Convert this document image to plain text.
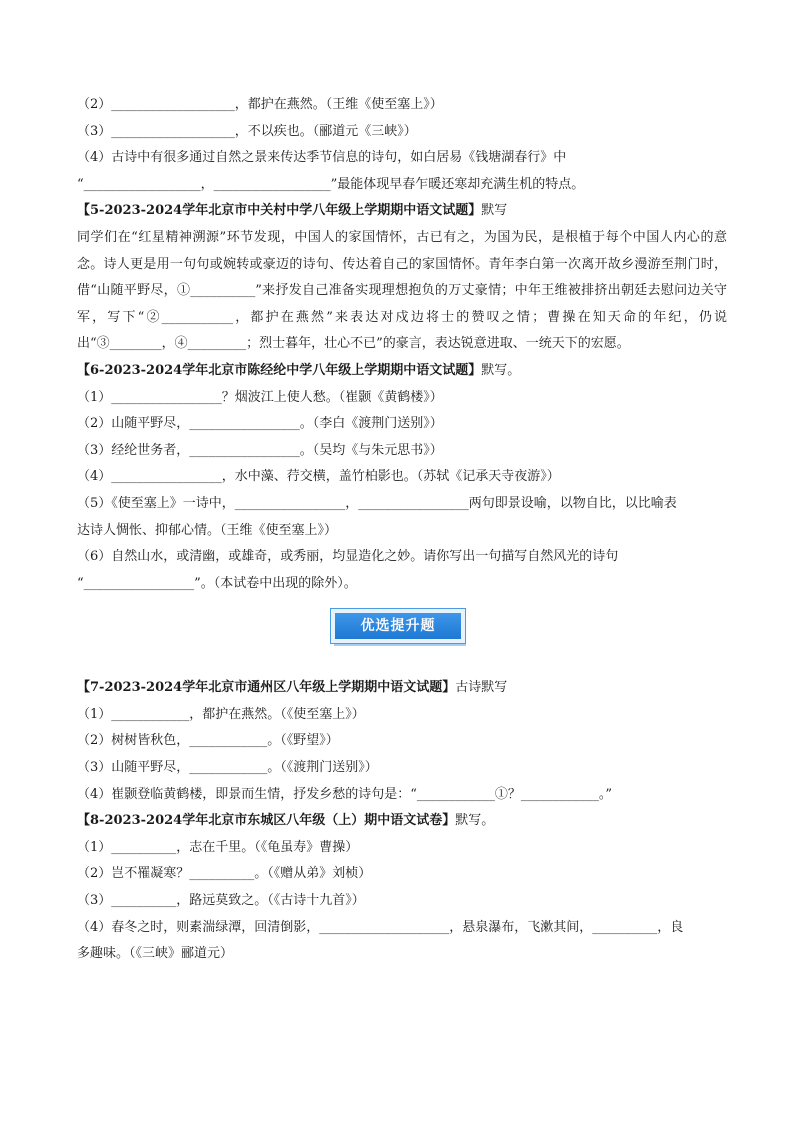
（2）___________________，都护在燕然。（王维《使至塞上》）
（3）___________________，不以疾也。（郦道元《三峡》）
（4）古诗中有很多通过自然之景来传达季节信息的诗句，如白居易《钱塘湖春行》中
“__________________，__________________”最能体现早春乍暖还寒却充满生机的特点。
【5-2023-2024学年北京市中关村中学八年级上学期期中语文试题】默写
同学们在“红星精神溯源”环节发现，中国人的家国情怀，古已有之，为国为民，是根植于每个中国人内心的意念。诗人更是用一句句或婉转或豪迈的诗句、传达着自己的家国情怀。青年李白第一次离开故乡漫游至荆门时，借“山随平野尽，①__________”来抒发自己准备实现理想抱负的万丈豪情；中年王维被排挤出朝廷去慰问边关守军，写下“②___________，都护在燕然”来表达对戍边将士的赞叹之情；曹操在知天命的年纪，仍说出“③________，④_________；烈士暮年，壮心不已”的豪言，表达锐意进取、一统天下的宏愿。
【6-2023-2024学年北京市陈经纶中学八年级上学期期中语文试题】默写。
（1）_________________？烟波江上使人愁。（崔颢《黄鹤楼》）
（2）山随平野尽，_________________。（李白《渡荆门送别》）
（3）经纶世务者，_________________。（吴均《与朱元思书》）
（4）_________________，水中藻、荇交横，盖竹柏影也。（苏轼《记承天寺夜游》）
（5）《使至塞上》一诗中，_________________，_________________两句即景设喻，以物自比，以比喻表
达诗人惆怅、抑郁心情。（王维《使至塞上》）
（6）自然山水，或清幽，或雄奇，或秀丽，均显造化之妙。请你写出一句描写自然风光的诗句
“_________________”。（本试卷中出现的除外）。
优选提升题
【7-2023-2024学年北京市通州区八年级上学期期中语文试题】古诗默写
（1）____________，都护在燕然。（《使至塞上》）
（2）树树皆秋色，____________。（《野望》）
（3）山随平野尽，____________。（《渡荆门送别》）
（4）崔颢登临黄鹤楼，即景而生情，抒发乡愁的诗句是：“____________①？____________。”
【8-2023-2024学年北京市东城区八年级（上）期中语文试卷】默写。
（1）__________，志在千里。（《龟虽寿》曹操）
（2）岂不罹凝寒？__________。（《赠从弟》刘桢）
（3）__________，路远莫致之。（《古诗十九首》）
（4）春冬之时，则素湍绿潭，回清倒影，____________________，悬泉瀑布，飞漱其间，__________，良
多趣味。（《三峡》郦道元）
